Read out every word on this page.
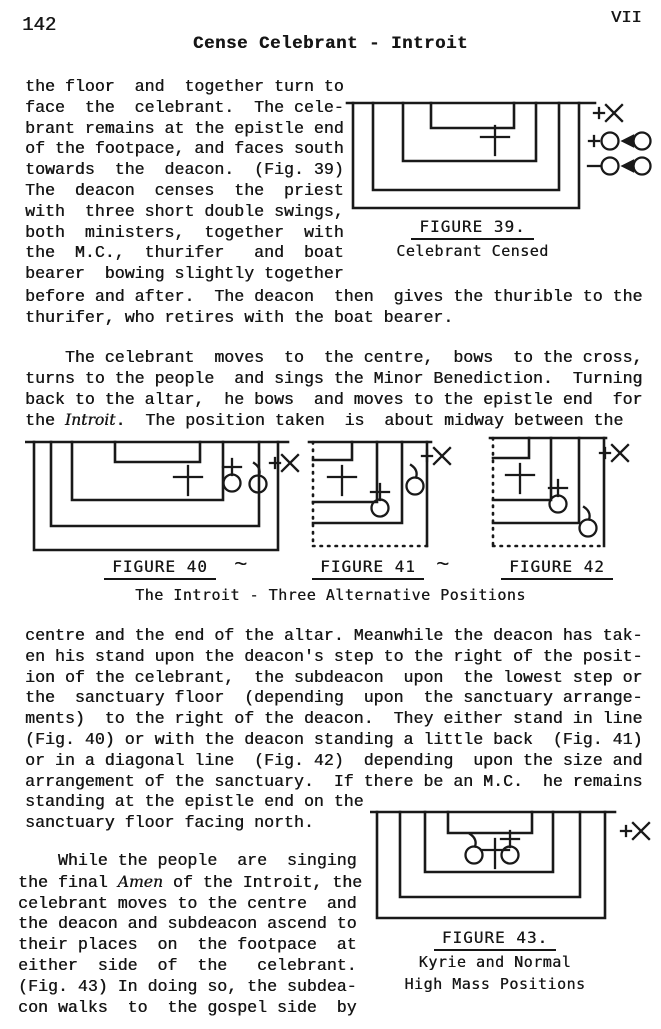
142	VII
Cense Celebrant - Introit
the floor  and  together turn to
face  the  celebrant.  The cele-
brant remains at the epistle end
of the footpace, and faces south
towards  the  deacon.  (Fig. 39)
The  deacon  censes  the  priest
with  three short double swings,
both  ministers,  together  with
the  M.C.,  thurifer   and  boat
bearer  bowing slightly together
FIGURE 39.
Celebrant Censed
before and after.  The deacon  then  gives the thurible to the
thurifer, who retires with the boat bearer.
The celebrant  moves  to  the centre,  bows  to the cross,
turns to the people  and sings the Minor Benediction.  Turning
back to the altar,  he bows  and moves to the epistle end  for
the Introit.  The position taken  is  about midway between the
FIGURE 40	~	FIGURE 41 ~	FIGURE 42
The Introit - Three Alternative Positions
centre and the end of the altar. Meanwhile the deacon has tak-
en his stand upon the deacon's step to the right of the posit-
ion of the celebrant,  the subdeacon  upon  the lowest step or
the  sanctuary floor  (depending  upon  the sanctuary arrange-
ments)  to the right of the deacon.  They either stand in line
(Fig. 40) or with the deacon standing a little back  (Fig. 41)
or in a diagonal line  (Fig. 42)  depending  upon the size and
arrangement of the sanctuary.  If there be an M.C.  he remains
standing at the epistle end on the
sanctuary floor facing north.
While the people  are  singing
the final Amen of the Introit, the
celebrant moves to the centre  and
the deacon and subdeacon ascend to
their places  on  the footpace  at
either  side  of  the   celebrant.
(Fig. 43) In doing so, the subdea-
con walks  to  the gospel side  by
FIGURE 43.
Kyrie and Normal
High Mass Positions
